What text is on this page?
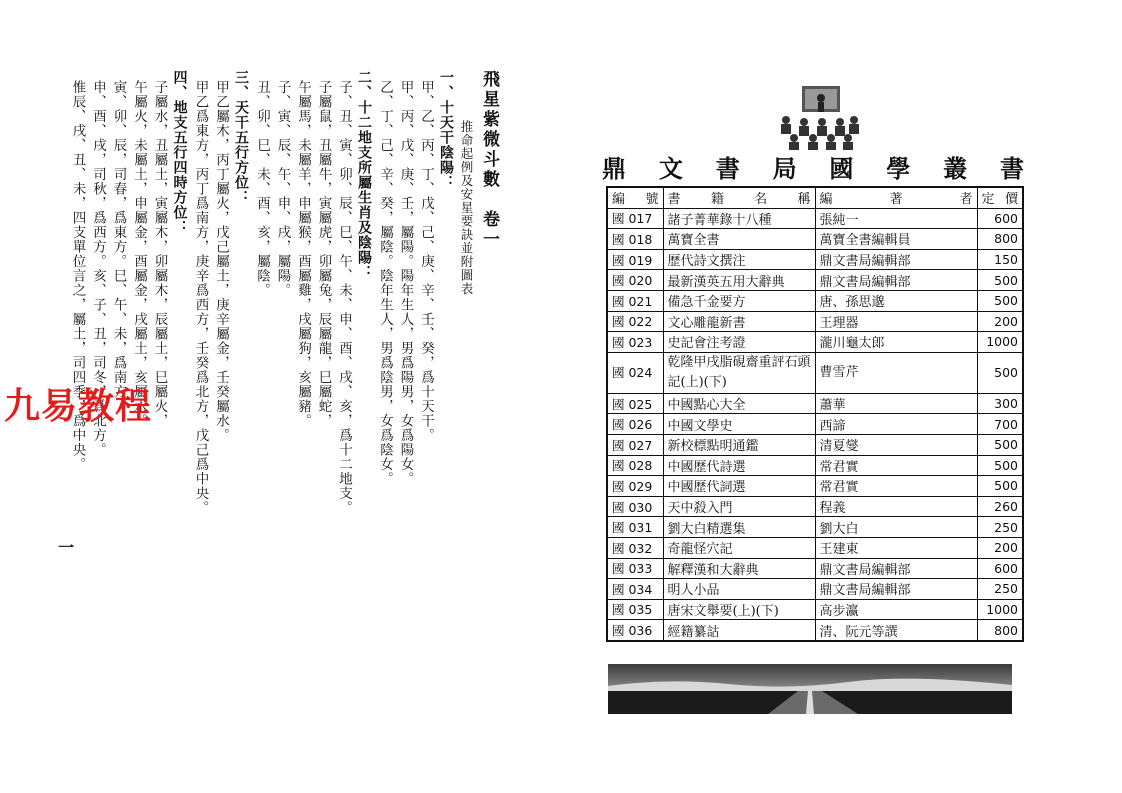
飛星紫微斗數　卷一
推命起例及安星要訣並附圖表
一、十天干陰陽：
甲、乙、丙、丁、戊、己、庚、辛、壬、癸，爲十天干。
甲、丙、戊、庚、壬，屬陽。陽年生人，男爲陽男，女爲陽女。
乙、丁、己、辛、癸，屬陰。陰年生人，男爲陰男，女爲陰女。
二、十二地支所屬生肖及陰陽：
子、丑、寅、卯、辰、巳、午、未、申、酉、戌、亥，爲十二地支。
子屬鼠，丑屬牛，寅屬虎，卯屬兔，辰屬龍，巳屬蛇，
午屬馬，未屬羊，申屬猴，酉屬雞，戌屬狗，亥屬豬。
子、寅、辰、午、申、戌，屬陽。
丑、卯、巳、未、酉、亥，屬陰。
三、天干五行方位：
甲乙屬木，丙丁屬火，戊己屬土，庚辛屬金，壬癸屬水。
甲乙爲東方，丙丁爲南方，庚辛爲西方，壬癸爲北方，戊己爲中央。
四、地支五行四時方位：
子屬水，丑屬土，寅屬木，卯屬木，辰屬土，巳屬火，
午屬火，未屬土，申屬金，酉屬金，戌屬土，亥屬水。
寅、卯、辰，司春，爲東方。巳、午、未，爲南方。
申、酉、戌，司秋，爲西方。亥、子、丑，司冬，爲北方。
惟辰、戌、丑、未，四支單位言之，屬土，司四季，爲中央。
一
九易教程
鼎文書局國學叢書
編號	書籍名稱	編著者	定價
國 017	諸子菁華錄十八種	張純一	600
國 018	萬寶全書	萬寶全書編輯員	800
國 019	歷代詩文撰注	鼎文書局編輯部	150
國 020	最新漢英五用大辭典	鼎文書局編輯部	500
國 021	備急千金要方	唐、孫思邈	500
國 022	文心雕龍新書	王理器	200
國 023	史記會注考證	瀧川龜太郎	1000
國 024	乾隆甲戌脂硯齋重評石頭記(上)(下)	曹雪芹	500
國 025	中國點心大全	蕭華	300
國 026	中國文學史	西諦	700
國 027	新校標點明通鑑	清夏燮	500
國 028	中國歷代詩選	常君實	500
國 029	中國歷代詞選	常君實	500
國 030	天中殺入門	程義	260
國 031	劉大白精選集	劉大白	250
國 032	奇龍怪穴記	王建東	200
國 033	解釋漢和大辭典	鼎文書局編輯部	600
國 034	明人小品	鼎文書局編輯部	250
國 035	唐宋文舉要(上)(下)	高步瀛	1000
國 036	經籍纂詁	清、阮元等譔	800
